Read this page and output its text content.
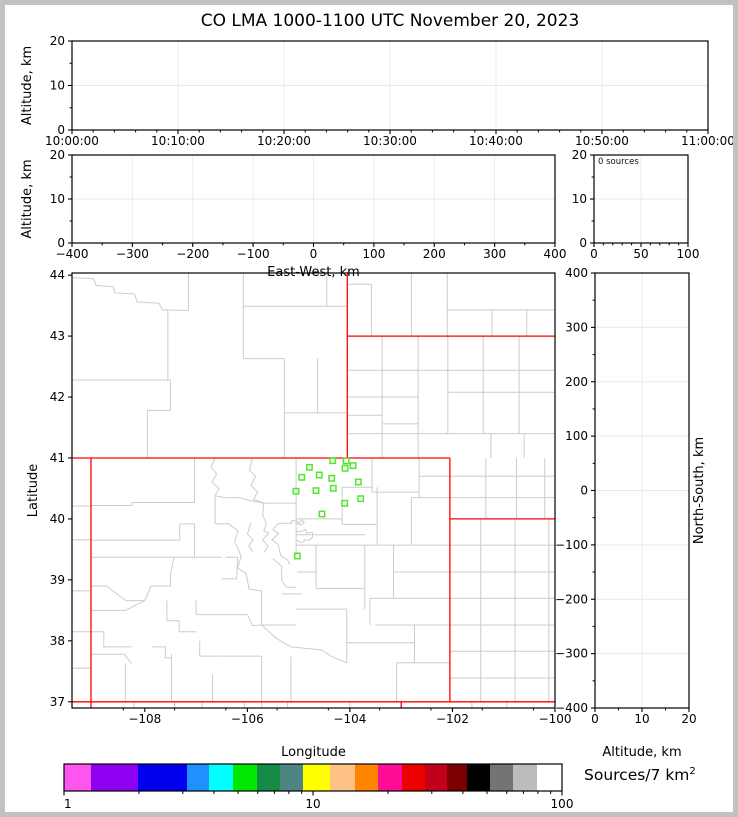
CO LMA 1000-1100 UTC November 20, 2023
10:00:00	10:10:00	10:20:00	10:30:00	10:40:00	10:50:00	11:00:00
0
10
20
Altitude, km
−400 −300 −200 −100	0	100	200	300	400
0
10
20
East-West, km
Altitude, km
0	50 100
0
10
20
−108	−106	−104	−102	−100
37
38
39
40
41
42
43
44
Longitude
Latitude
0	10	20
−400
−300
−200
−100
0
100
200
300
400
Altitude, km
North-South, km
1	10	100
0 sources
Sources/7 $km^2$
